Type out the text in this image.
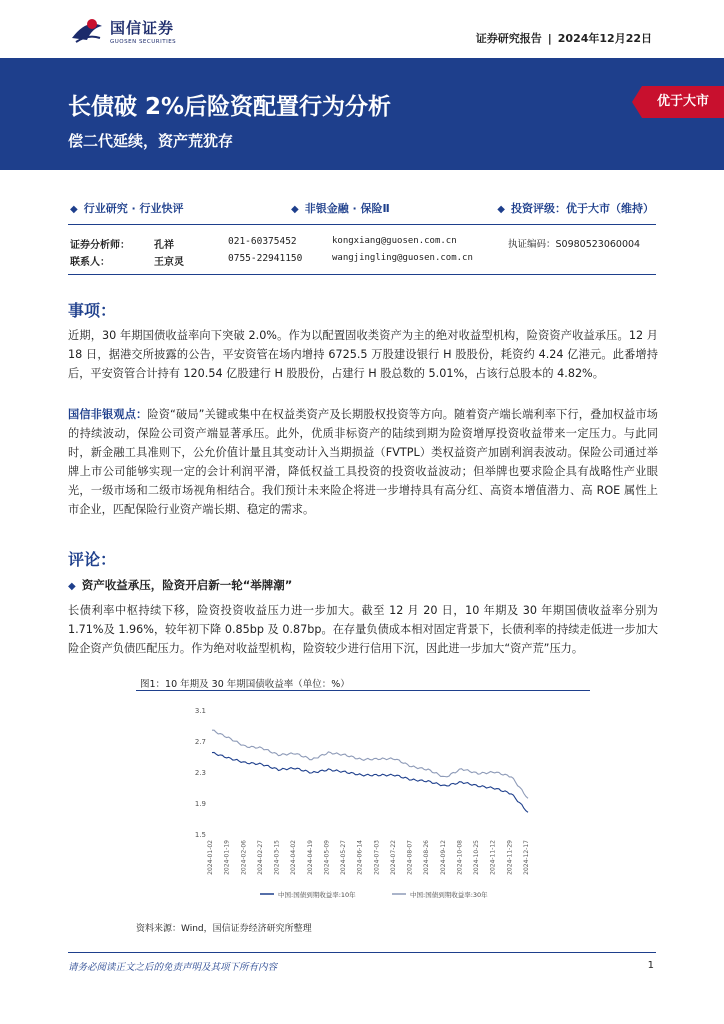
国信证券
GUOSEN SECURITIES	证券研究报告 | 2024年12月22日
长债破 2%后险资配置行为分析
偿二代延续，资产荒犹存
优于大市
◆ 行业研究 · 行业快评	◆ 非银金融 · 保险Ⅱ	◆ 投资评级：优于大市（维持）
证券分析师：	孔祥	021-60375452	kongxiang@guosen.com.cn	执证编码：S0980523060004
联系人：	王京灵	0755-22941150	wangjingling@guosen.com.cn
事项：
近期，30 年期国债收益率向下突破 2.0%。作为以配置固收类资产为主的绝对收益型机构，险资资产收益承压。12 月 18 日，据港交所披露的公告，平安资管在场内增持 6725.5 万股建设银行 H 股股份，耗资约 4.24 亿港元。此番增持后，平安资管合计持有 120.54 亿股建行 H 股股份，占建行 H 股总数的 5.01%，占该行总股本的 4.82%。
国信非银观点：险资“破局”关键或集中在权益类资产及长期股权投资等方向。随着资产端长端利率下行，叠加权益市场的持续波动，保险公司资产端显著承压。此外，优质非标资产的陆续到期为险资增厚投资收益带来一定压力。与此同时，新金融工具准则下，公允价值计量且其变动计入当期损益（FVTPL）类权益资产加剧利润表波动。保险公司通过举牌上市公司能够实现一定的会计利润平滑，降低权益工具投资的投资收益波动；但举牌也要求险企具有战略性产业眼光，一级市场和二级市场视角相结合。我们预计未来险企将进一步增持具有高分红、高资本增值潜力、高 ROE 属性上市企业，匹配保险行业资产端长期、稳定的需求。
评论：
◆ 资产收益承压，险资开启新一轮“举牌潮”
长债利率中枢持续下移，险资投资收益压力进一步加大。截至 12 月 20 日，10 年期及 30 年期国债收益率分别为 1.71%及 1.96%，较年初下降 0.85bp 及 0.87bp。在存量负债成本相对固定背景下，长债利率的持续走低进一步加大险企资产负债匹配压力。作为绝对收益型机构，险资较少进行信用下沉，因此进一步加大“资产荒”压力。
图1：10 年期及 30 年期国债收益率（单位：%）
3.1
2.7
2.3
1.9
1.5
2024-01-02 2024-01-19 2024-02-06 2024-02-27 2024-03-15 2024-04-02 2024-04-19 2024-05-09 2024-05-27 2024-06-14 2024-07-03 2024-07-22 2024-08-07 2024-08-26 2024-09-12 2024-10-08 2024-10-25 2024-11-12 2024-11-29 2024-12-17
中国:国债到期收益率:10年	中国:国债到期收益率:30年
资料来源：Wind，国信证券经济研究所整理
请务必阅读正文之后的免责声明及其项下所有内容	1
